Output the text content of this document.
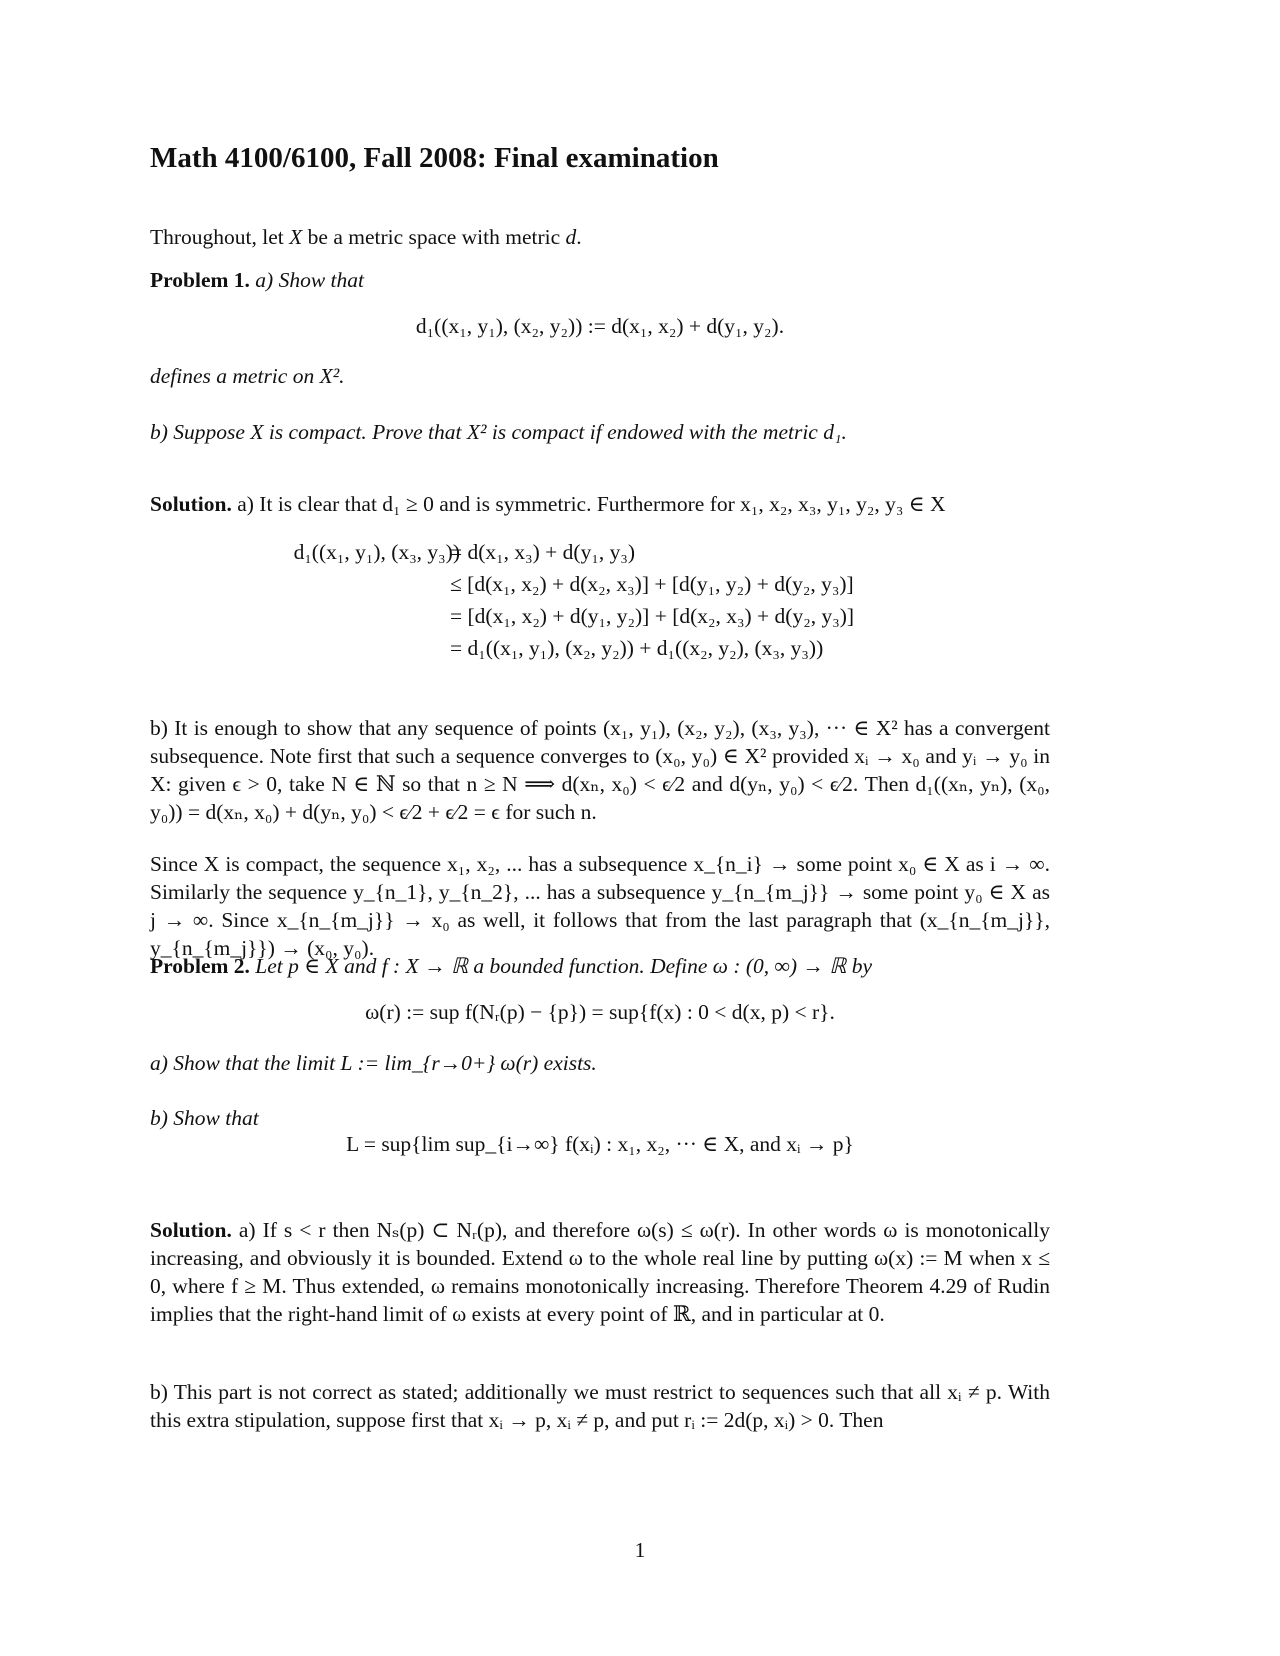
Math 4100/6100, Fall 2008: Final examination
Throughout, let X be a metric space with metric d.
Problem 1. a) Show that
d₁((x₁, y₁), (x₂, y₂)) := d(x₁, x₂) + d(y₁, y₂).
defines a metric on X².
b) Suppose X is compact. Prove that X² is compact if endowed with the metric d₁.
Solution. a) It is clear that d₁ ≥ 0 and is symmetric. Furthermore for x₁, x₂, x₃, y₁, y₂, y₃ ∈ X
d₁((x₁, y₁), (x₃, y₃))
= d(x₁, x₃) + d(y₁, y₃)
≤ [d(x₁, x₂) + d(x₂, x₃)] + [d(y₁, y₂) + d(y₂, y₃)]
= [d(x₁, x₂) + d(y₁, y₂)] + [d(x₂, x₃) + d(y₂, y₃)]
= d₁((x₁, y₁), (x₂, y₂)) + d₁((x₂, y₂), (x₃, y₃))
b) It is enough to show that any sequence of points (x₁, y₁), (x₂, y₂), (x₃, y₃), ··· ∈ X² has a convergent subsequence. Note first that such a sequence converges to (x₀, y₀) ∈ X² provided xᵢ → x₀ and yᵢ → y₀ in X: given ϵ > 0, take N ∈ ℕ so that n ≥ N ⟹ d(xₙ, x₀) < ϵ⁄2 and d(yₙ, y₀) < ϵ⁄2. Then d₁((xₙ, yₙ), (x₀, y₀)) = d(xₙ, x₀) + d(yₙ, y₀) < ϵ⁄2 + ϵ⁄2 = ϵ for such n.
Since X is compact, the sequence x₁, x₂, ... has a subsequence x_{n_i} → some point x₀ ∈ X as i → ∞. Similarly the sequence y_{n_1}, y_{n_2}, ... has a subsequence y_{n_{m_j}} → some point y₀ ∈ X as j → ∞. Since x_{n_{m_j}} → x₀ as well, it follows that from the last paragraph that (x_{n_{m_j}}, y_{n_{m_j}}) → (x₀, y₀).
Problem 2. Let p ∈ X and f : X → ℝ a bounded function. Define ω : (0, ∞) → ℝ by
ω(r) := sup f(Nᵣ(p) − {p}) = sup{f(x) : 0 < d(x, p) < r}.
a) Show that the limit L := lim_{r→0+} ω(r) exists.
b) Show that
L = sup{lim sup_{i→∞} f(xᵢ) : x₁, x₂, ··· ∈ X, and xᵢ → p}
Solution. a) If s < r then Nₛ(p) ⊂ Nᵣ(p), and therefore ω(s) ≤ ω(r). In other words ω is monotonically increasing, and obviously it is bounded. Extend ω to the whole real line by putting ω(x) := M when x ≤ 0, where f ≥ M. Thus extended, ω remains monotonically increasing. Therefore Theorem 4.29 of Rudin implies that the right-hand limit of ω exists at every point of ℝ, and in particular at 0.
b) This part is not correct as stated; additionally we must restrict to sequences such that all xᵢ ≠ p. With this extra stipulation, suppose first that xᵢ → p, xᵢ ≠ p, and put rᵢ := 2d(p, xᵢ) > 0. Then
1
